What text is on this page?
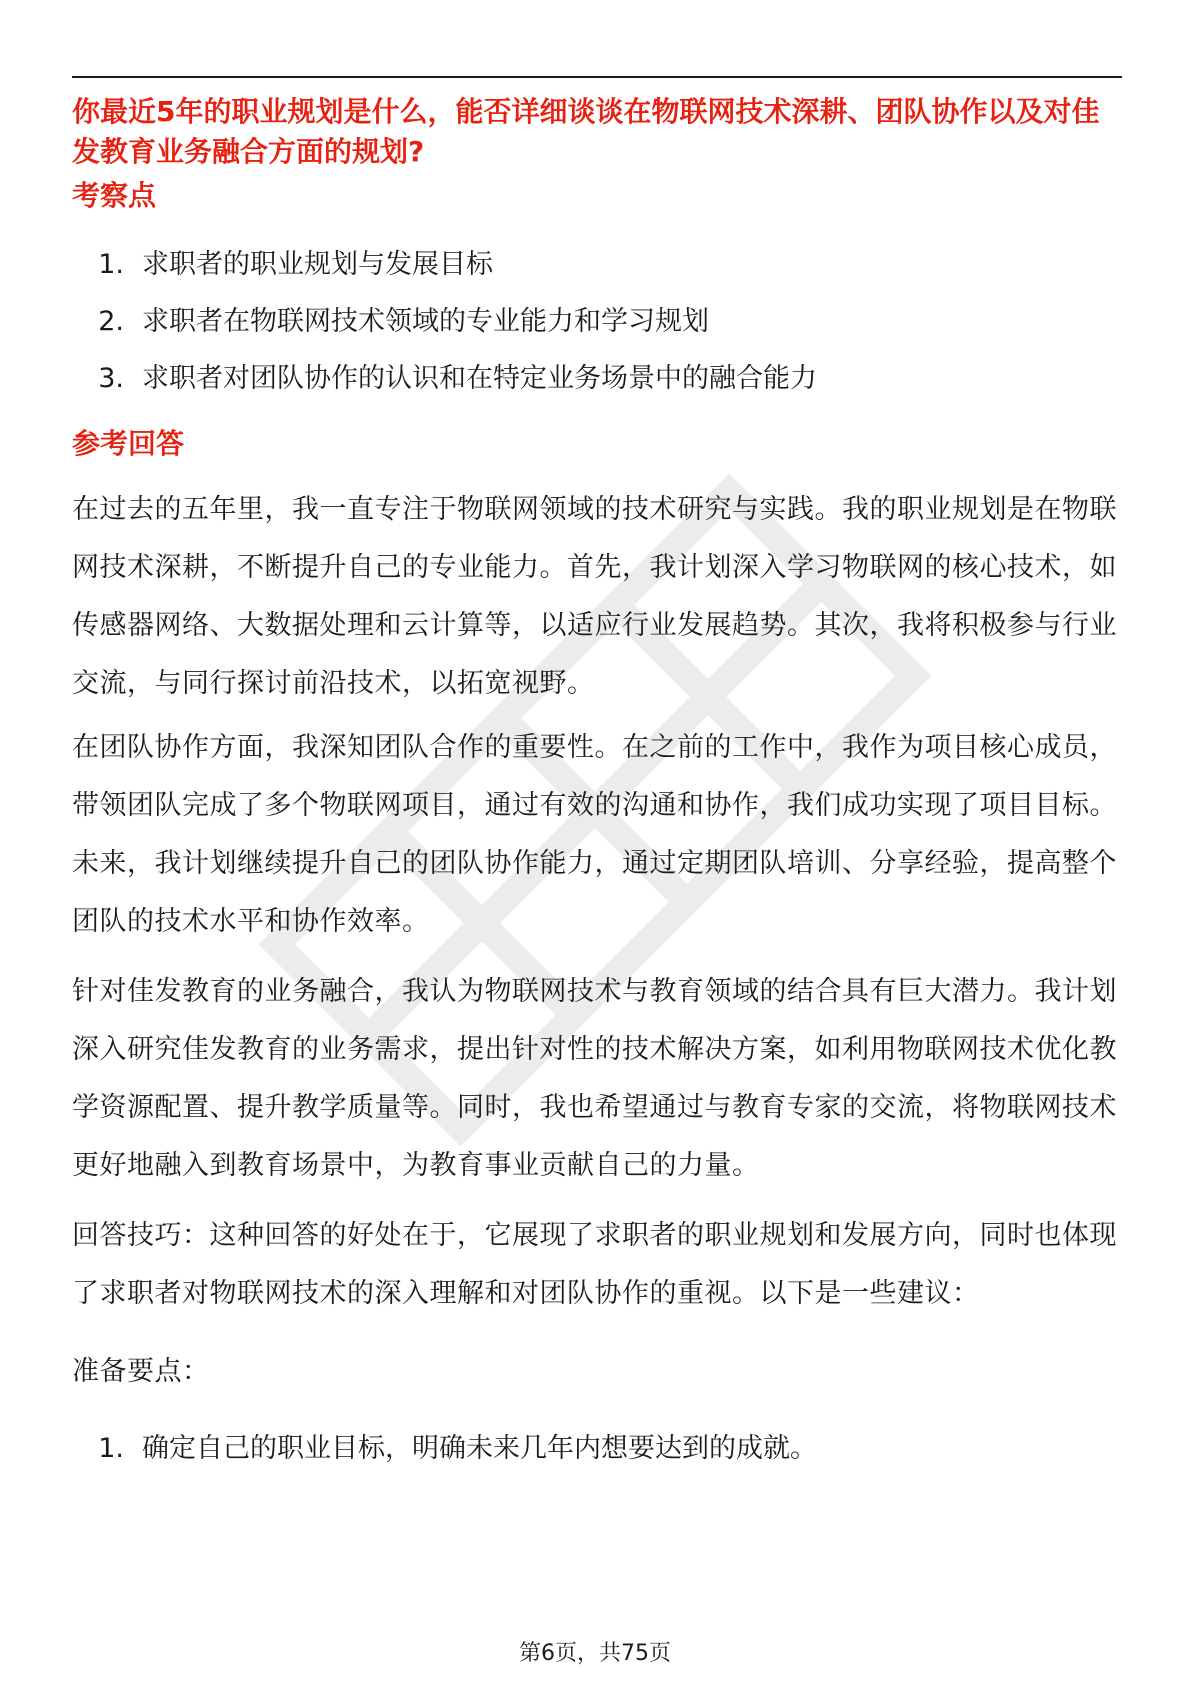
你最近5年的职业规划是什么，能否详细谈谈在物联网技术深耕、团队协作以及对佳发教育业务融合方面的规划?
考察点
1. 求职者的职业规划与发展目标
2. 求职者在物联网技术领域的专业能力和学习规划
3. 求职者对团队协作的认识和在特定业务场景中的融合能力
参考回答

在过去的五年里，我一直专注于物联网领域的技术研究与实践。我的职业规划是在物联网技术深耕，不断提升自己的专业能力。首先，我计划深入学习物联网的核心技术，如传感器网络、大数据处理和云计算等，以适应行业发展趋势。其次，我将积极参与行业交流，与同行探讨前沿技术，以拓宽视野。

在团队协作方面，我深知团队合作的重要性。在之前的工作中，我作为项目核心成员，带领团队完成了多个物联网项目，通过有效的沟通和协作，我们成功实现了项目目标。未来，我计划继续提升自己的团队协作能力，通过定期团队培训、分享经验，提高整个团队的技术水平和协作效率。

针对佳发教育的业务融合，我认为物联网技术与教育领域的结合具有巨大潜力。我计划深入研究佳发教育的业务需求，提出针对性的技术解决方案，如利用物联网技术优化教学资源配置、提升教学质量等。同时，我也希望通过与教育专家的交流，将物联网技术更好地融入到教育场景中，为教育事业贡献自己的力量。

回答技巧：这种回答的好处在于，它展现了求职者的职业规划和发展方向，同时也体现了求职者对物联网技术的深入理解和对团队协作的重视。以下是一些建议：

准备要点：
1. 确定自己的职业目标，明确未来几年内想要达到的成就。
第6页，共75页
